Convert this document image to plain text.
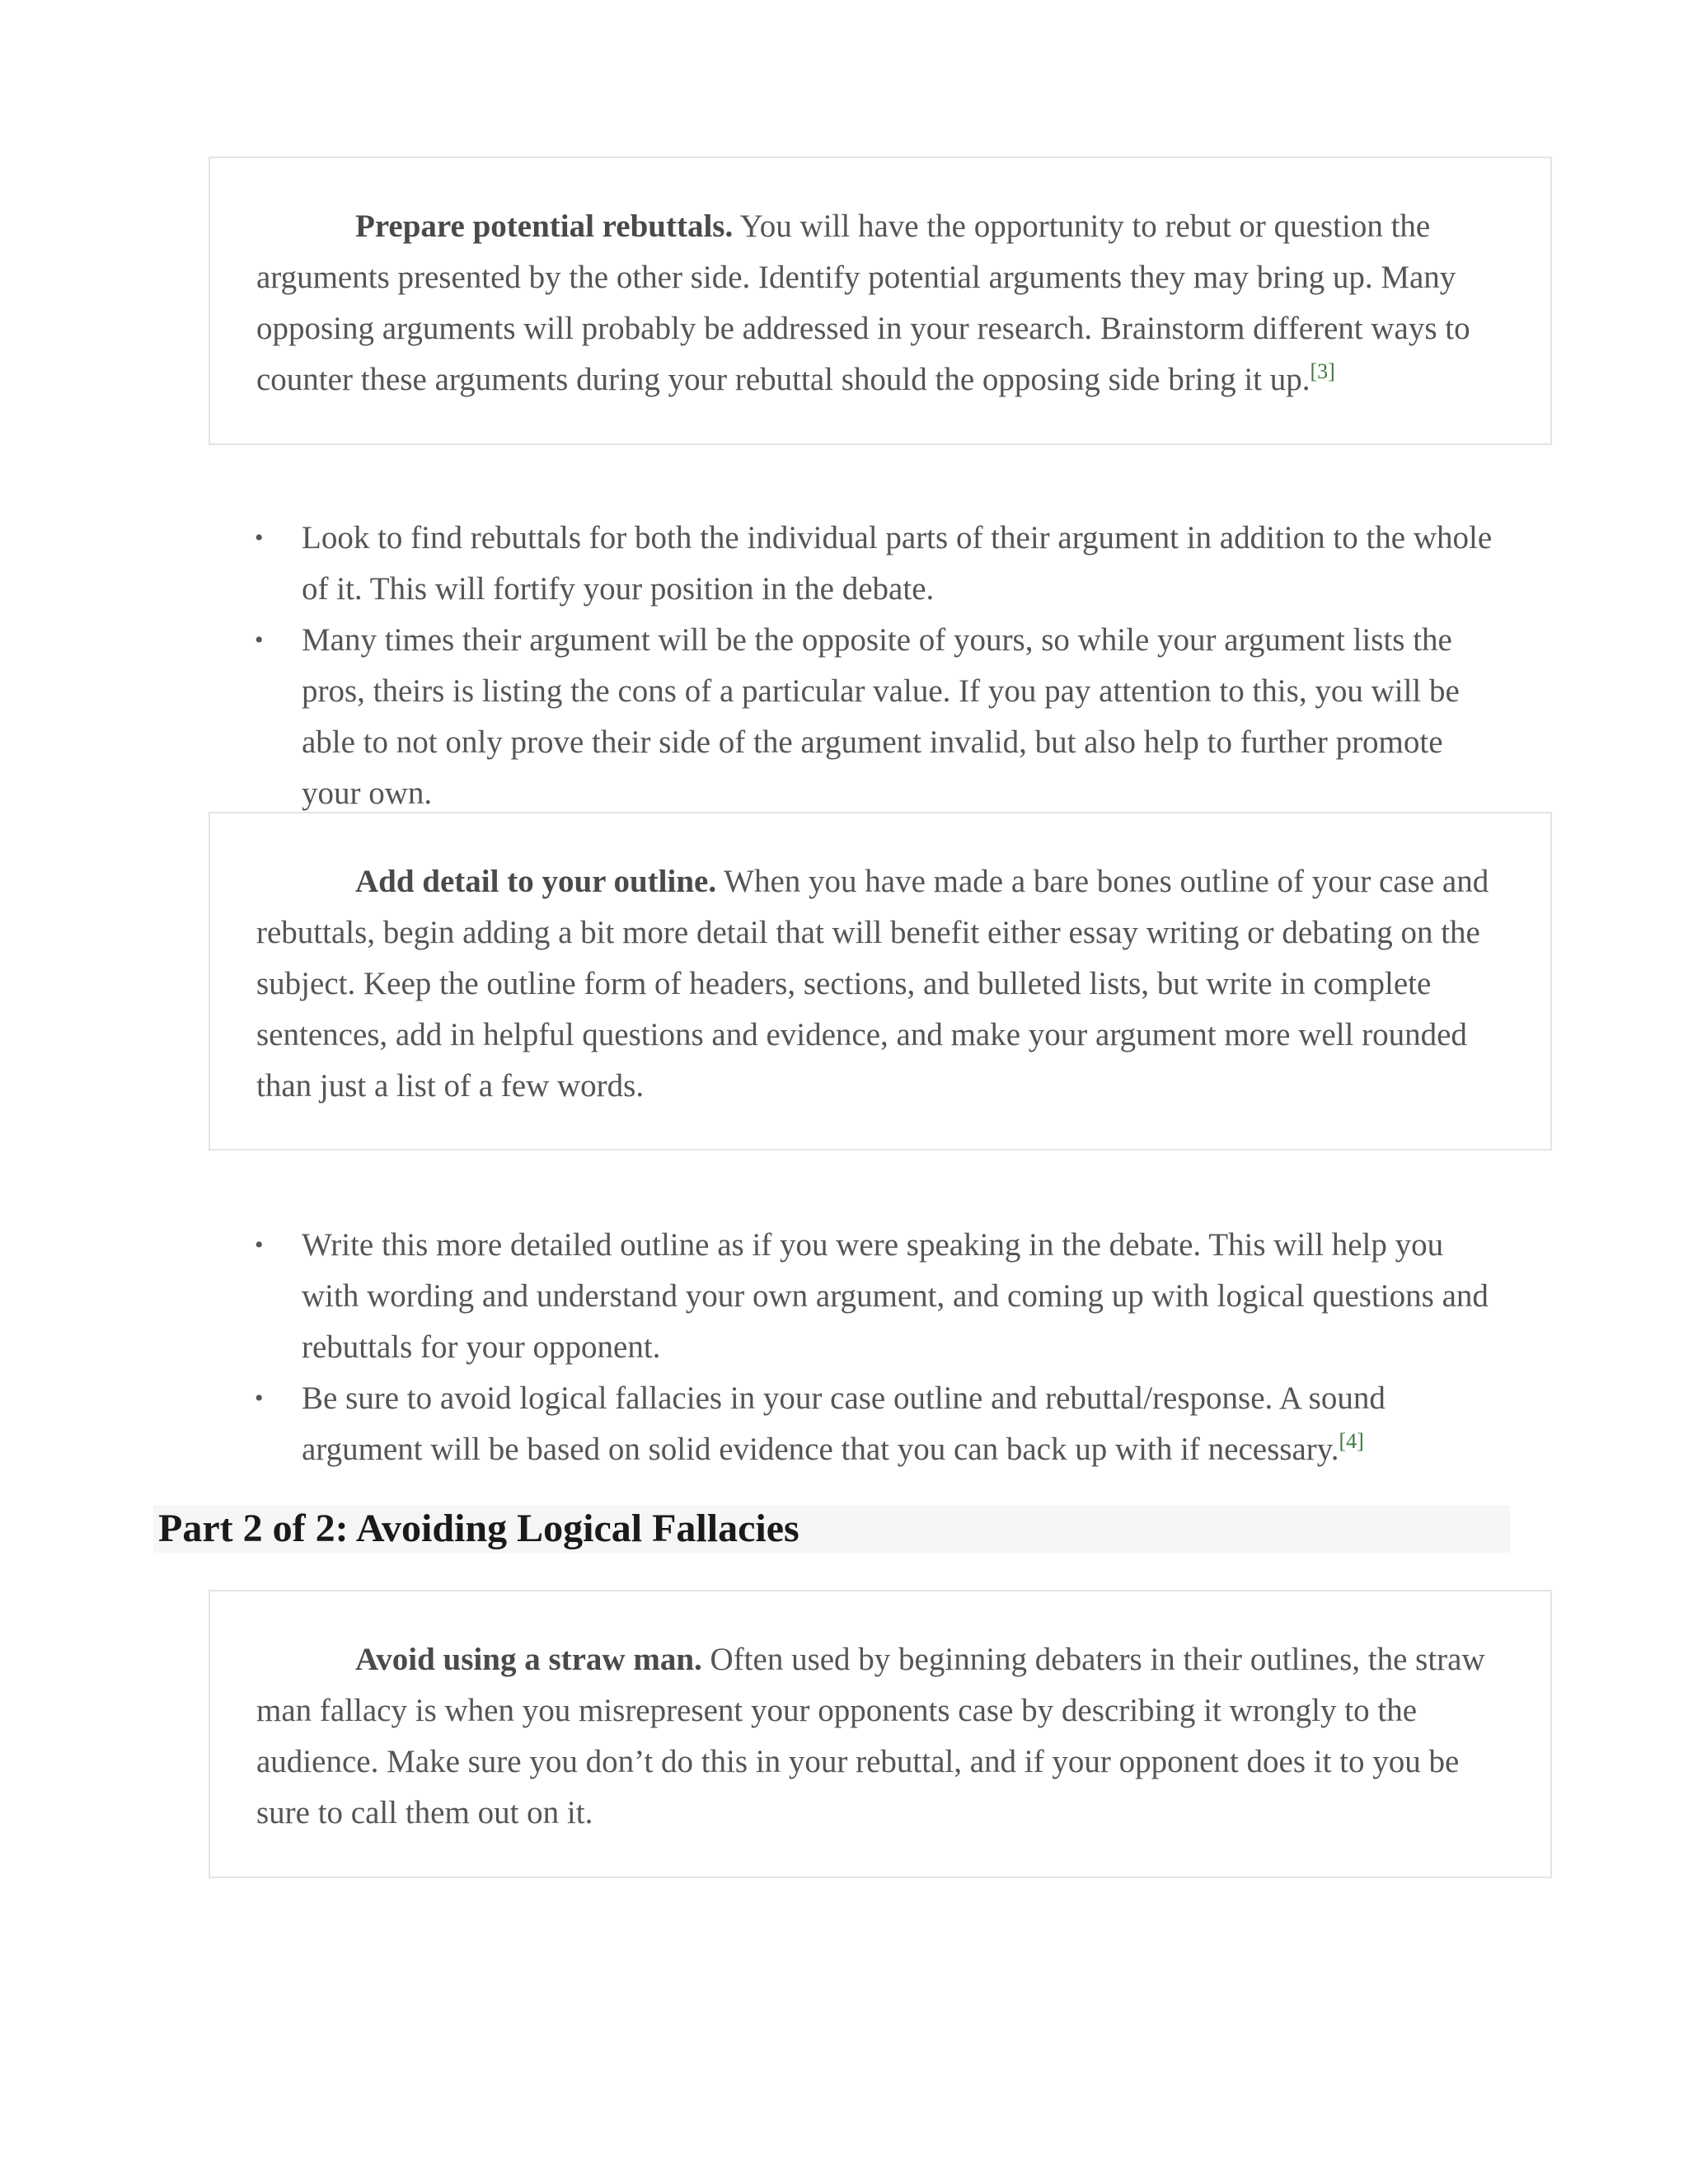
Prepare potential rebuttals. You will have the opportunity to rebut or question the arguments presented by the other side. Identify potential arguments they may bring up. Many opposing arguments will probably be addressed in your research. Brainstorm different ways to counter these arguments during your rebuttal should the opposing side bring it up.[3]

• Look to find rebuttals for both the individual parts of their argument in addition to the whole of it. This will fortify your position in the debate.
• Many times their argument will be the opposite of yours, so while your argument lists the pros, theirs is listing the cons of a particular value. If you pay attention to this, you will be able to not only prove their side of the argument invalid, but also help to further promote your own.

Add detail to your outline. When you have made a bare bones outline of your case and rebuttals, begin adding a bit more detail that will benefit either essay writing or debating on the subject. Keep the outline form of headers, sections, and bulleted lists, but write in complete sentences, add in helpful questions and evidence, and make your argument more well rounded than just a list of a few words.

• Write this more detailed outline as if you were speaking in the debate. This will help you with wording and understand your own argument, and coming up with logical questions and rebuttals for your opponent.
• Be sure to avoid logical fallacies in your case outline and rebuttal/response. A sound argument will be based on solid evidence that you can back up with if necessary.[4]
Part 2 of 2: Avoiding Logical Fallacies

Avoid using a straw man. Often used by beginning debaters in their outlines, the straw man fallacy is when you misrepresent your opponents case by describing it wrongly to the audience. Make sure you don’t do this in your rebuttal, and if your opponent does it to you be sure to call them out on it.
